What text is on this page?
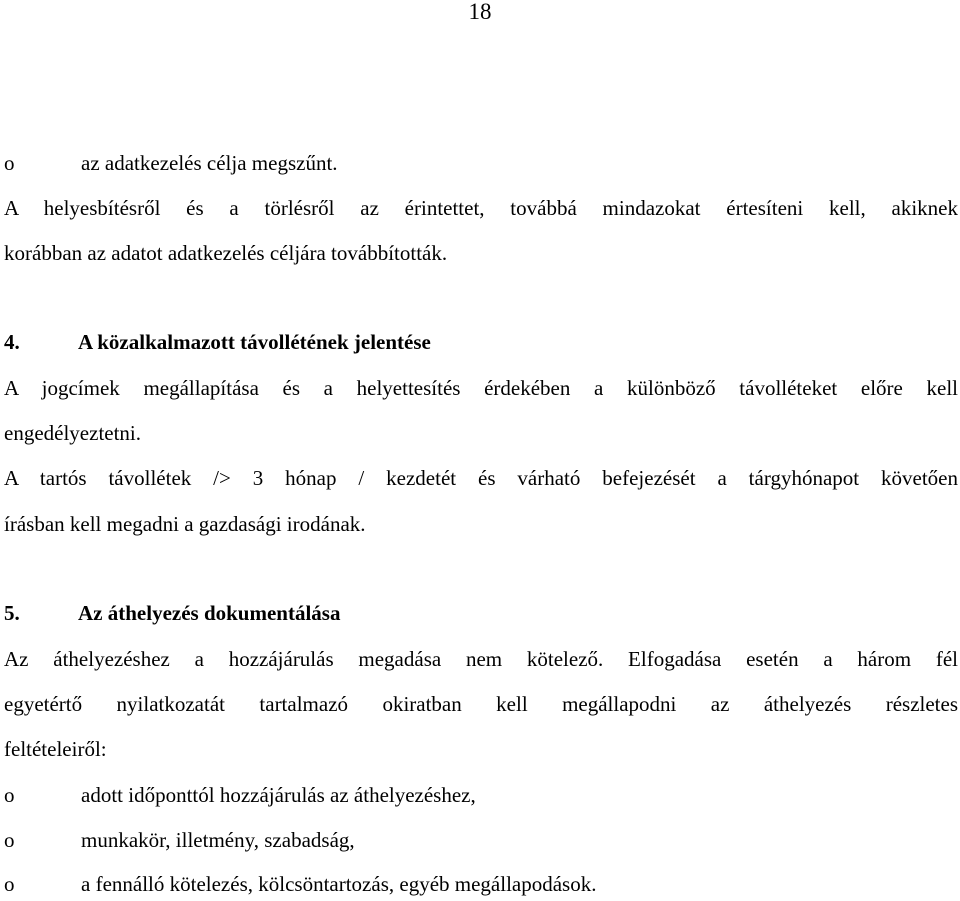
18
o	az adatkezelés célja megszűnt.
A helyesbítésről és a törlésről az érintettet, továbbá mindazokat értesíteni kell, akiknek
korábban az adatot adatkezelés céljára továbbították.
4.	A közalkalmazott távollétének jelentése
A jogcímek megállapítása és a helyettesítés érdekében a különböző távolléteket előre kell
engedélyeztetni.
A tartós távollétek /> 3 hónap / kezdetét és várható befejezését a tárgyhónapot követően
írásban kell megadni a gazdasági irodának.
5.	Az áthelyezés dokumentálása
Az áthelyezéshez a hozzájárulás megadása nem kötelező. Elfogadása esetén a három fél
egyetértő nyilatkozatát tartalmazó okiratban kell megállapodni az áthelyezés részletes
feltételeiről:
o	adott időponttól hozzájárulás az áthelyezéshez,
o	munkakör, illetmény, szabadság,
o	a fennálló kötelezés, kölcsöntartozás, egyéb megállapodások.
